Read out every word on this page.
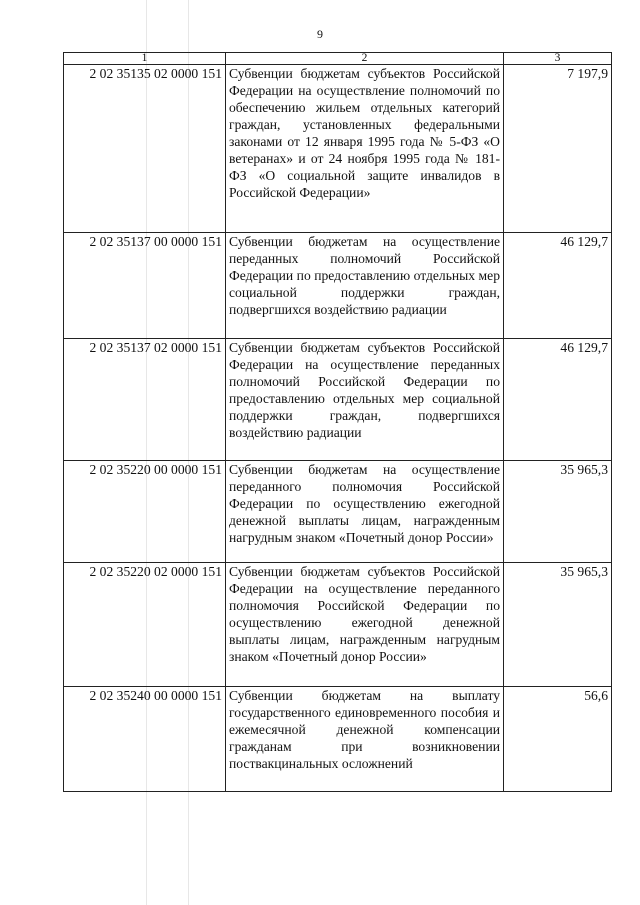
9
1	2	3
2 02 35135 02 0000 151	Субвенции бюджетам субъектов Российской Федерации на осуществление полномочий по обеспечению жильем отдельных категорий граждан, установленных федеральными законами от 12 января 1995 года № 5-ФЗ «О ветеранах» и от 24 ноября 1995 года № 181-ФЗ «О социальной защите инвалидов в Российской Федерации»	7 197,9
2 02 35137 00 0000 151	Субвенции бюджетам на осуществление переданных полномочий Российской Федерации по предоставлению отдельных мер социальной поддержки граждан, подвергшихся воздействию радиации	46 129,7
2 02 35137 02 0000 151	Субвенции бюджетам субъектов Российской Федерации на осуществление переданных полномочий Российской Федерации по предоставлению отдельных мер социальной поддержки граждан, подвергшихся воздействию радиации	46 129,7
2 02 35220 00 0000 151	Субвенции бюджетам на осуществление переданного полномочия Российской Федерации по осуществлению ежегодной денежной выплаты лицам, награжденным нагрудным знаком «Почетный донор России»	35 965,3
2 02 35220 02 0000 151	Субвенции бюджетам субъектов Российской Федерации на осуществление переданного полномочия Российской Федерации по осуществлению ежегодной денежной выплаты лицам, награжденным нагрудным знаком «Почетный донор России»	35 965,3
2 02 35240 00 0000 151	Субвенции бюджетам на выплату государственного единовременного пособия и ежемесячной денежной компенсации гражданам при возникновении поствакцинальных осложнений	56,6
